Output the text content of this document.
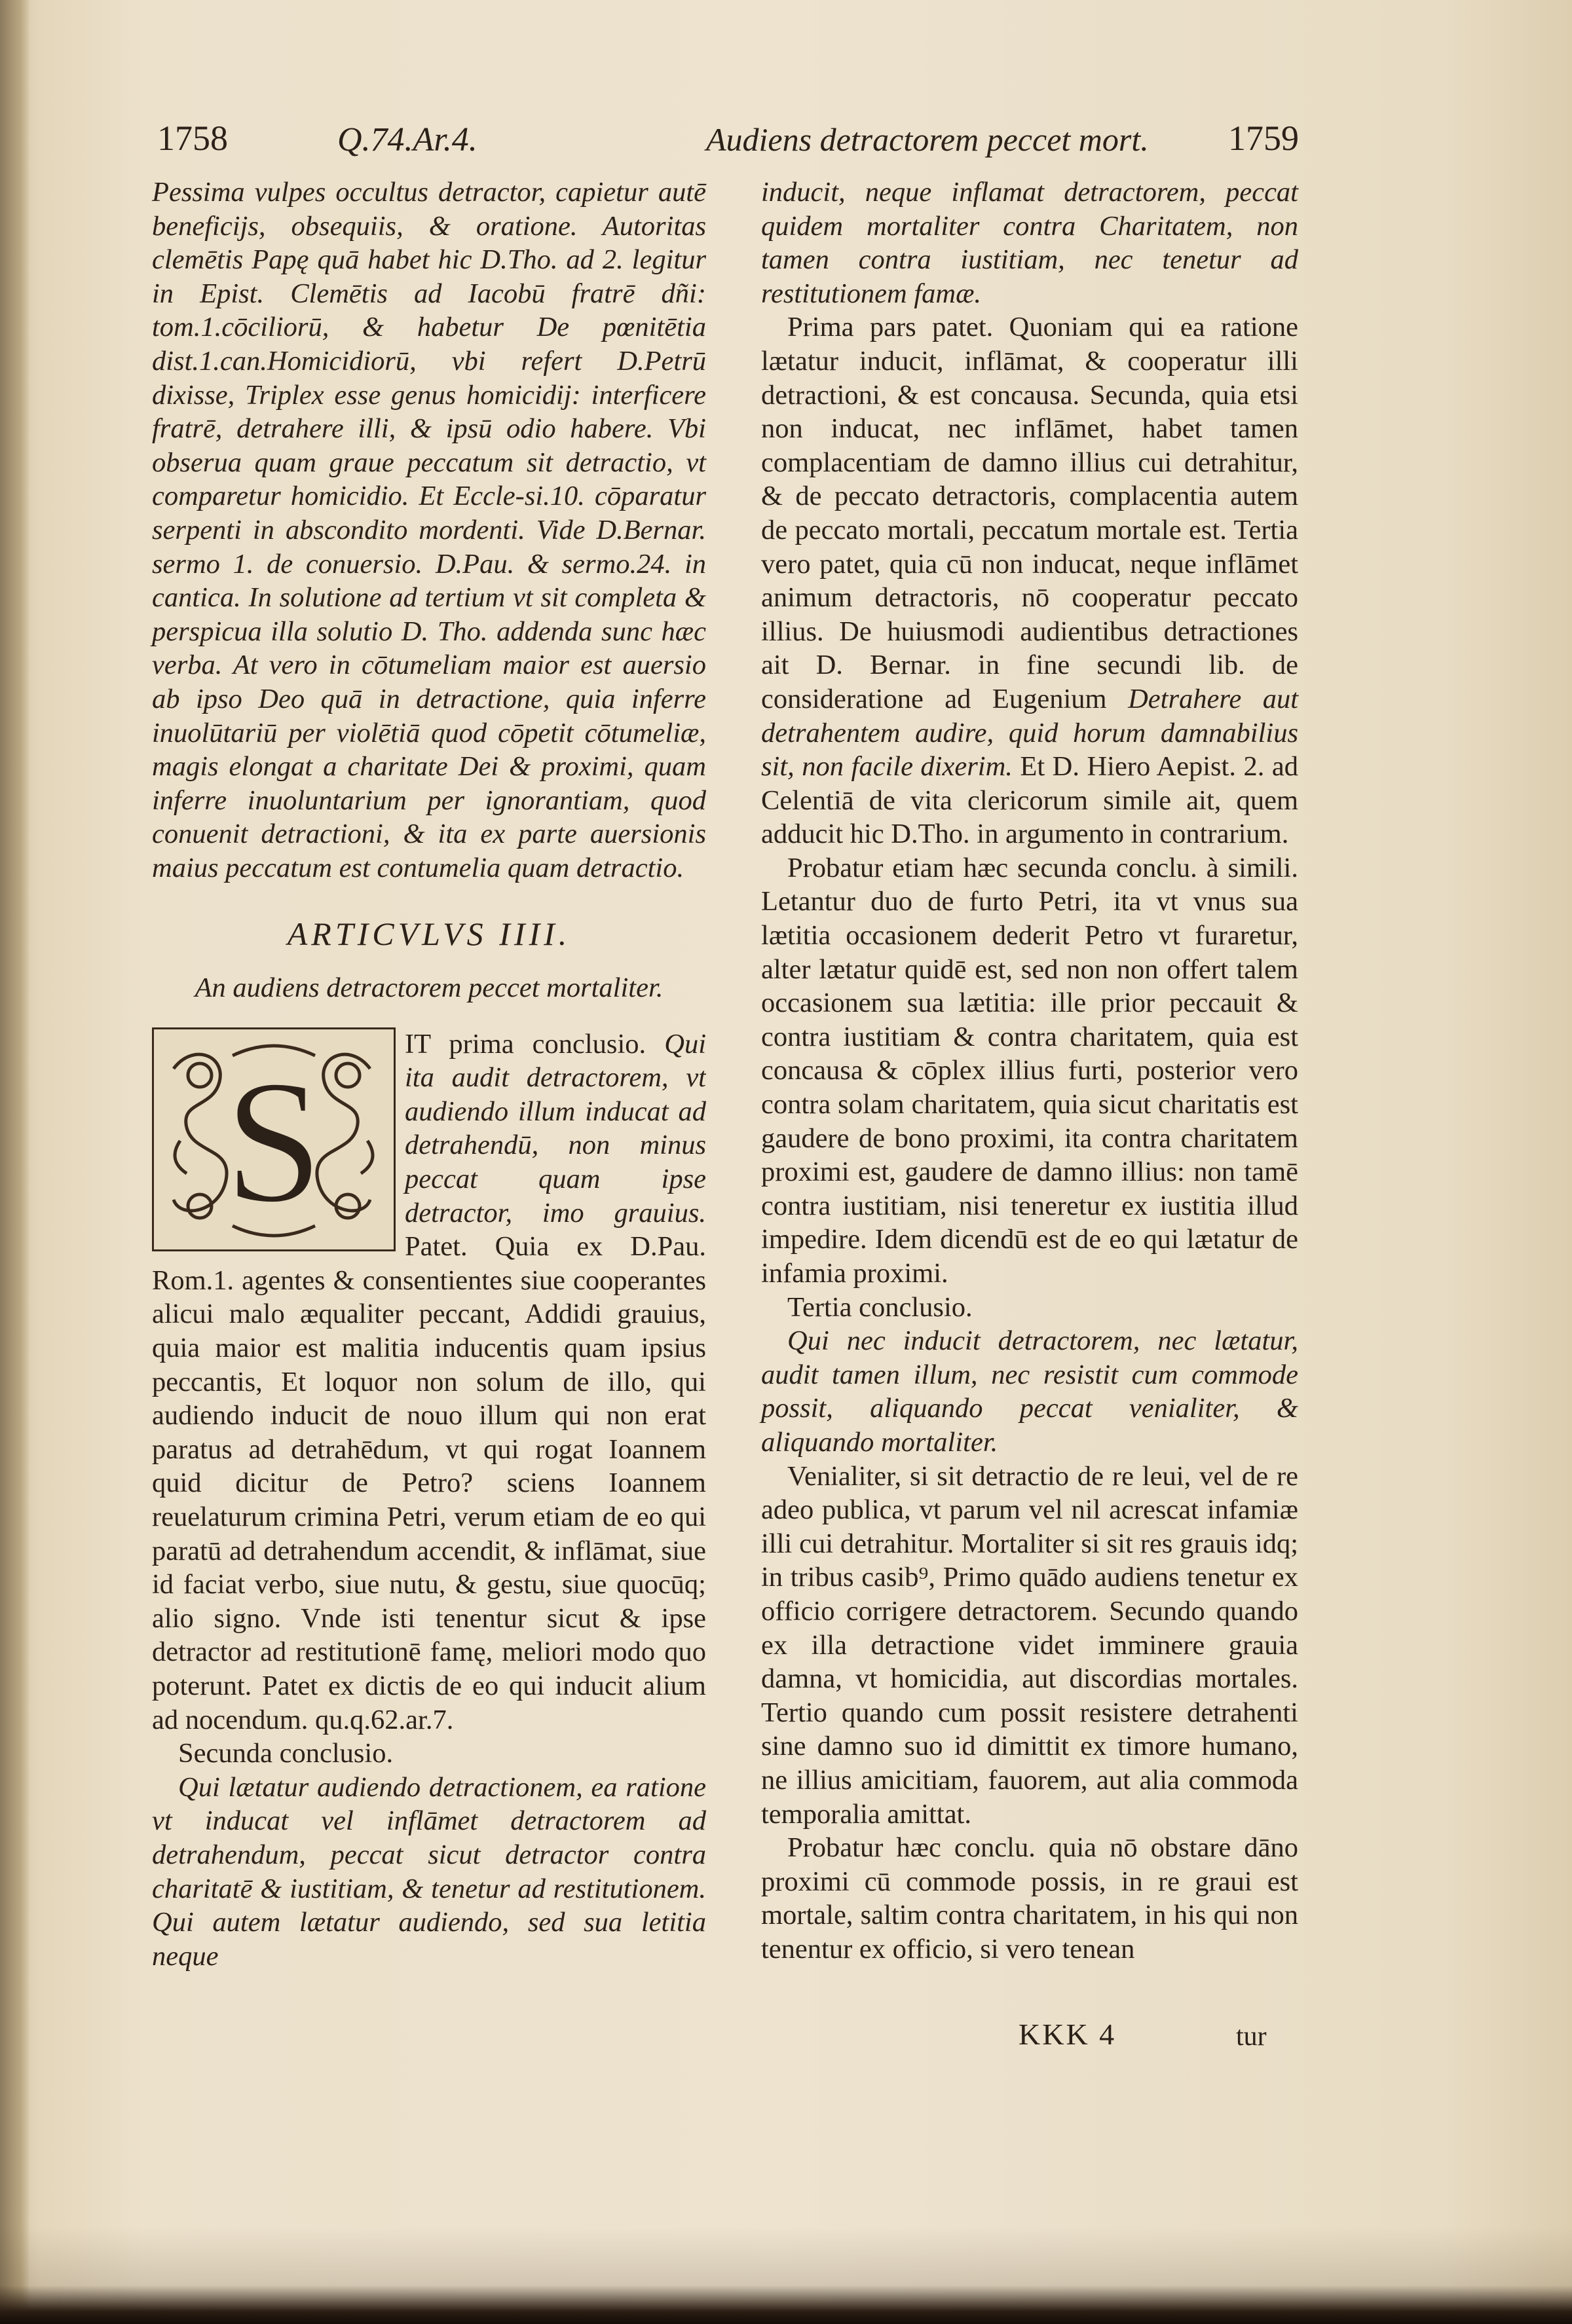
1758	Q.74.Ar.4.	Audiens detractorem peccet mort. 1759

Pessima vulpes occultus detractor, capietur autē beneficijs, obsequiis, & oratione. Autoritas clemētis Papę quā habet hic D.Tho. ad 2. legitur in Epist. Clemētis ad Iacobū fratrē dñi: tom.1.cōciliorū, & habetur De pœnitētia dist.1.can.Homicidiorū, vbi refert D.Petrū dixisse, Triplex esse genus homicidij: interficere fratrē, detrahere illi, & ipsū odio habere. Vbi obserua quam graue peccatum sit detractio, vt comparetur homicidio. Et Eccle-si.10. cōparatur serpenti in abscondito mordenti. Vide D.Bernar. sermo 1. de conuersio. D.Pau. & sermo.24. in cantica. In solutione ad tertium vt sit completa & perspicua illa solutio D. Tho. addenda sunc hæc verba. At vero in cōtumeliam maior est auersio ab ipso Deo quā in detractione, quia inferre inuolūtariū per violētiā quod cōpetit cōtumeliæ, magis elongat a charitate Dei & proximi, quam inferre inuoluntarium per ignorantiam, quod conuenit detractioni, & ita ex parte auersionis maius peccatum est contumelia quam detractio.

ARTICVLVS IIII.
An audiens detractorem peccet mortaliter.
S	IT prima conclusio. Qui ita audit detractorem, vt audiendo illum inducat ad detrahendū, non minus peccat quam ipse detractor, imo grauius. Patet. Quia ex D.Pau. Rom.1. agentes & consentientes siue cooperantes alicui malo æqualiter peccant, Addidi grauius, quia maior est malitia inducentis quam ipsius peccantis, Et loquor non solum de illo, qui audiendo inducit de nouo illum qui non erat paratus ad detrahēdum, vt qui rogat Ioannem quid dicitur de Petro? sciens Ioannem reuelaturum crimina Petri, verum etiam de eo qui paratū ad detrahendum accendit, & inflāmat, siue id faciat verbo, siue nutu, & gestu, siue quocūq; alio signo. Vnde isti tenentur sicut & ipse detractor ad restitutionē famę, meliori modo quo poterunt. Patet ex dictis de eo qui inducit alium ad nocendum. qu.q.62.ar.7.

Secunda conclusio.

Qui lætatur audiendo detractionem, ea ratione vt inducat vel inflāmet detractorem ad detrahendum, peccat sicut detractor contra charitatē & iustitiam, & tenetur ad restitutionem. Qui autem lætatur audiendo, sed sua letitia neque

inducit, neque inflamat detractorem, peccat quidem mortaliter contra Charitatem, non tamen contra iustitiam, nec tenetur ad restitutionem famæ.

Prima pars patet. Quoniam qui ea ratione lætatur inducit, inflāmat, & cooperatur illi detractioni, & est concausa. Secunda, quia etsi non inducat, nec inflāmet, habet tamen complacentiam de damno illius cui detrahitur, & de peccato detractoris, complacentia autem de peccato mortali, peccatum mortale est. Tertia vero patet, quia cū non inducat, neque inflāmet animum detractoris, nō cooperatur peccato illius. De huiusmodi audientibus detractiones ait D. Bernar. in fine secundi lib. de consideratione ad Eugenium Detrahere aut detrahentem audire, quid horum damnabilius sit, non facile dixerim. Et D. Hiero Aepist. 2. ad Celentiā de vita clericorum simile ait, quem adducit hic D.Tho. in argumento in contrarium.

Probatur etiam hæc secunda conclu. à simili. Letantur duo de furto Petri, ita vt vnus sua lætitia occasionem dederit Petro vt furaretur, alter lætatur quidē est, sed non non offert talem occasionem sua lætitia: ille prior peccauit & contra iustitiam & contra charitatem, quia est concausa & cōplex illius furti, posterior vero contra solam charitatem, quia sicut charitatis est gaudere de bono proximi, ita contra charitatem proximi est, gaudere de damno illius: non tamē contra iustitiam, nisi teneretur ex iustitia illud impedire. Idem dicendū est de eo qui lætatur de infamia proximi.

Tertia conclusio.

Qui nec inducit detractorem, nec lætatur, audit tamen illum, nec resistit cum commode possit, aliquando peccat venialiter, & aliquando mortaliter.

Venialiter, si sit detractio de re leui, vel de re adeo publica, vt parum vel nil acrescat infamiæ illi cui detrahitur. Mortaliter si sit res grauis idq; in tribus casib⁹, Primo quādo audiens tenetur ex officio corrigere detractorem. Secundo quando ex illa detractione videt imminere grauia damna, vt homicidia, aut discordias mortales. Tertio quando cum possit resistere detrahenti sine damno suo id dimittit ex timore humano, ne illius amicitiam, fauorem, aut alia commoda temporalia amittat.

Probatur hæc conclu. quia nō obstare dāno proximi cū commode possis, in re graui est mortale, saltim contra charitatem, in his qui non tenentur ex officio, si vero tenean

KKK 4	tur
